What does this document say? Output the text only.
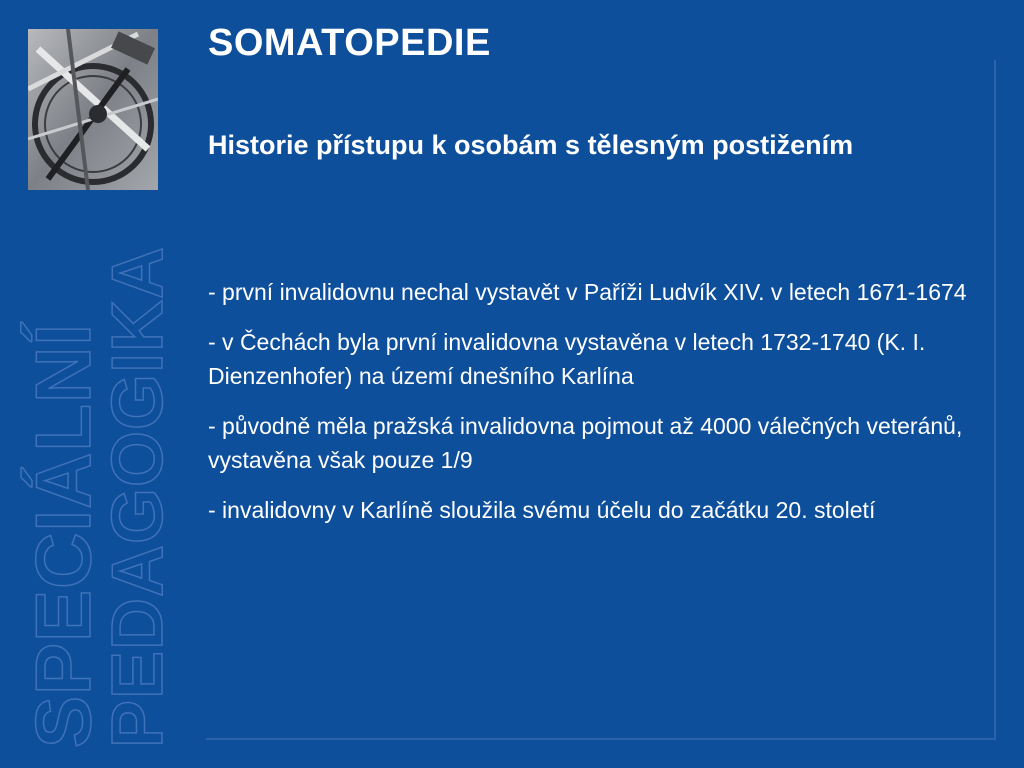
SPECIÁLNÍ
PEDAGOGIKA
SOMATOPEDIE
Historie přístupu k osobám s tělesným postižením
- první invalidovnu nechal vystavět v Paříži Ludvík XIV. v letech 1671-1674
- v Čechách byla první invalidovna vystavěna v letech 1732-1740 (K. I. Dienzenhofer) na území dnešního Karlína
- původně měla pražská invalidovna pojmout až 4000 válečných veteránů, vystavěna však pouze 1/9
- invalidovny v Karlíně sloužila svému účelu do začátku 20. století
